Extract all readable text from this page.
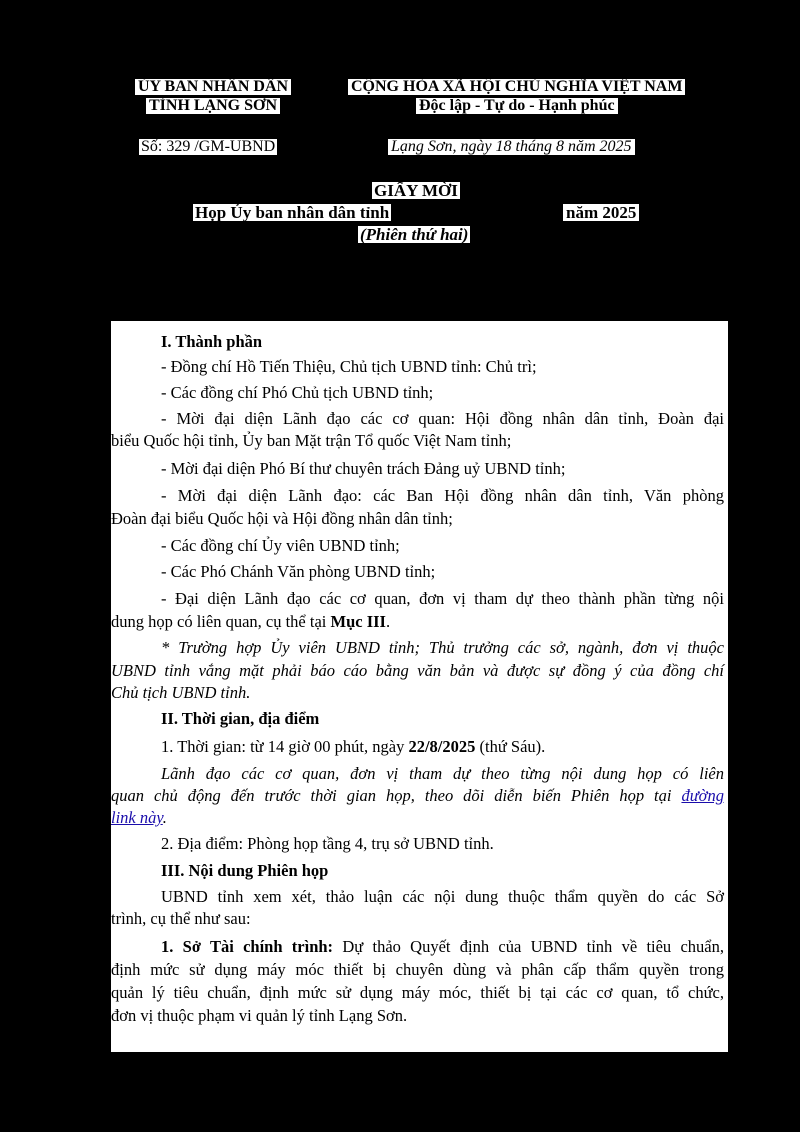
ỦY BAN NHÂN DÂN
TỈNH LẠNG SƠN
CỘNG HÒA XÃ HỘI CHỦ NGHĨA VIỆT NAM
Độc lập - Tự do - Hạnh phúc
Số: 329 /GM-UBND	Lạng Sơn, ngày 18 tháng 8 năm 2025
GIẤY MỜI
Họp Ủy ban nhân dân tỉnh	năm 2025
(Phiên thứ hai)

I. Thành phần

- Đồng chí Hồ Tiến Thiệu, Chủ tịch UBND tỉnh: Chủ trì;

- Các đồng chí Phó Chủ tịch UBND tỉnh;

- Mời đại diện Lãnh đạo các cơ quan: Hội đồng nhân dân tỉnh, Đoàn đại

biểu Quốc hội tỉnh, Ủy ban Mặt trận Tổ quốc Việt Nam tỉnh;

- Mời đại diện Phó Bí thư chuyên trách Đảng uỷ UBND tỉnh;

- Mời đại diện Lãnh đạo: các Ban Hội đồng nhân dân tỉnh, Văn phòng

Đoàn đại biểu Quốc hội và Hội đồng nhân dân tỉnh;

- Các đồng chí Ủy viên UBND tỉnh;

- Các Phó Chánh Văn phòng UBND tỉnh;

- Đại diện Lãnh đạo các cơ quan, đơn vị tham dự theo thành phần từng nội

dung họp có liên quan, cụ thể tại Mục III.

* Trường hợp Ủy viên UBND tỉnh; Thủ trưởng các sở, ngành, đơn vị thuộc

UBND tỉnh vắng mặt phải báo cáo bằng văn bản và được sự đồng ý của đồng chí

Chủ tịch UBND tỉnh.

II. Thời gian, địa điểm

1. Thời gian: từ 14 giờ 00 phút, ngày 22/8/2025 (thứ Sáu).

Lãnh đạo các cơ quan, đơn vị tham dự theo từng nội dung họp có liên

quan chủ động đến trước thời gian họp, theo dõi diễn biến Phiên họp tại đường

link này.

2. Địa điểm: Phòng họp tầng 4, trụ sở UBND tỉnh.

III. Nội dung Phiên họp

UBND tỉnh xem xét, thảo luận các nội dung thuộc thẩm quyền do các Sở

trình, cụ thể như sau:

1. Sở Tài chính trình: Dự thảo Quyết định của UBND tỉnh về tiêu chuẩn,

định mức sử dụng máy móc thiết bị chuyên dùng và phân cấp thẩm quyền trong

quản lý tiêu chuẩn, định mức sử dụng máy móc, thiết bị tại các cơ quan, tổ chức,

đơn vị thuộc phạm vi quản lý tỉnh Lạng Sơn.
